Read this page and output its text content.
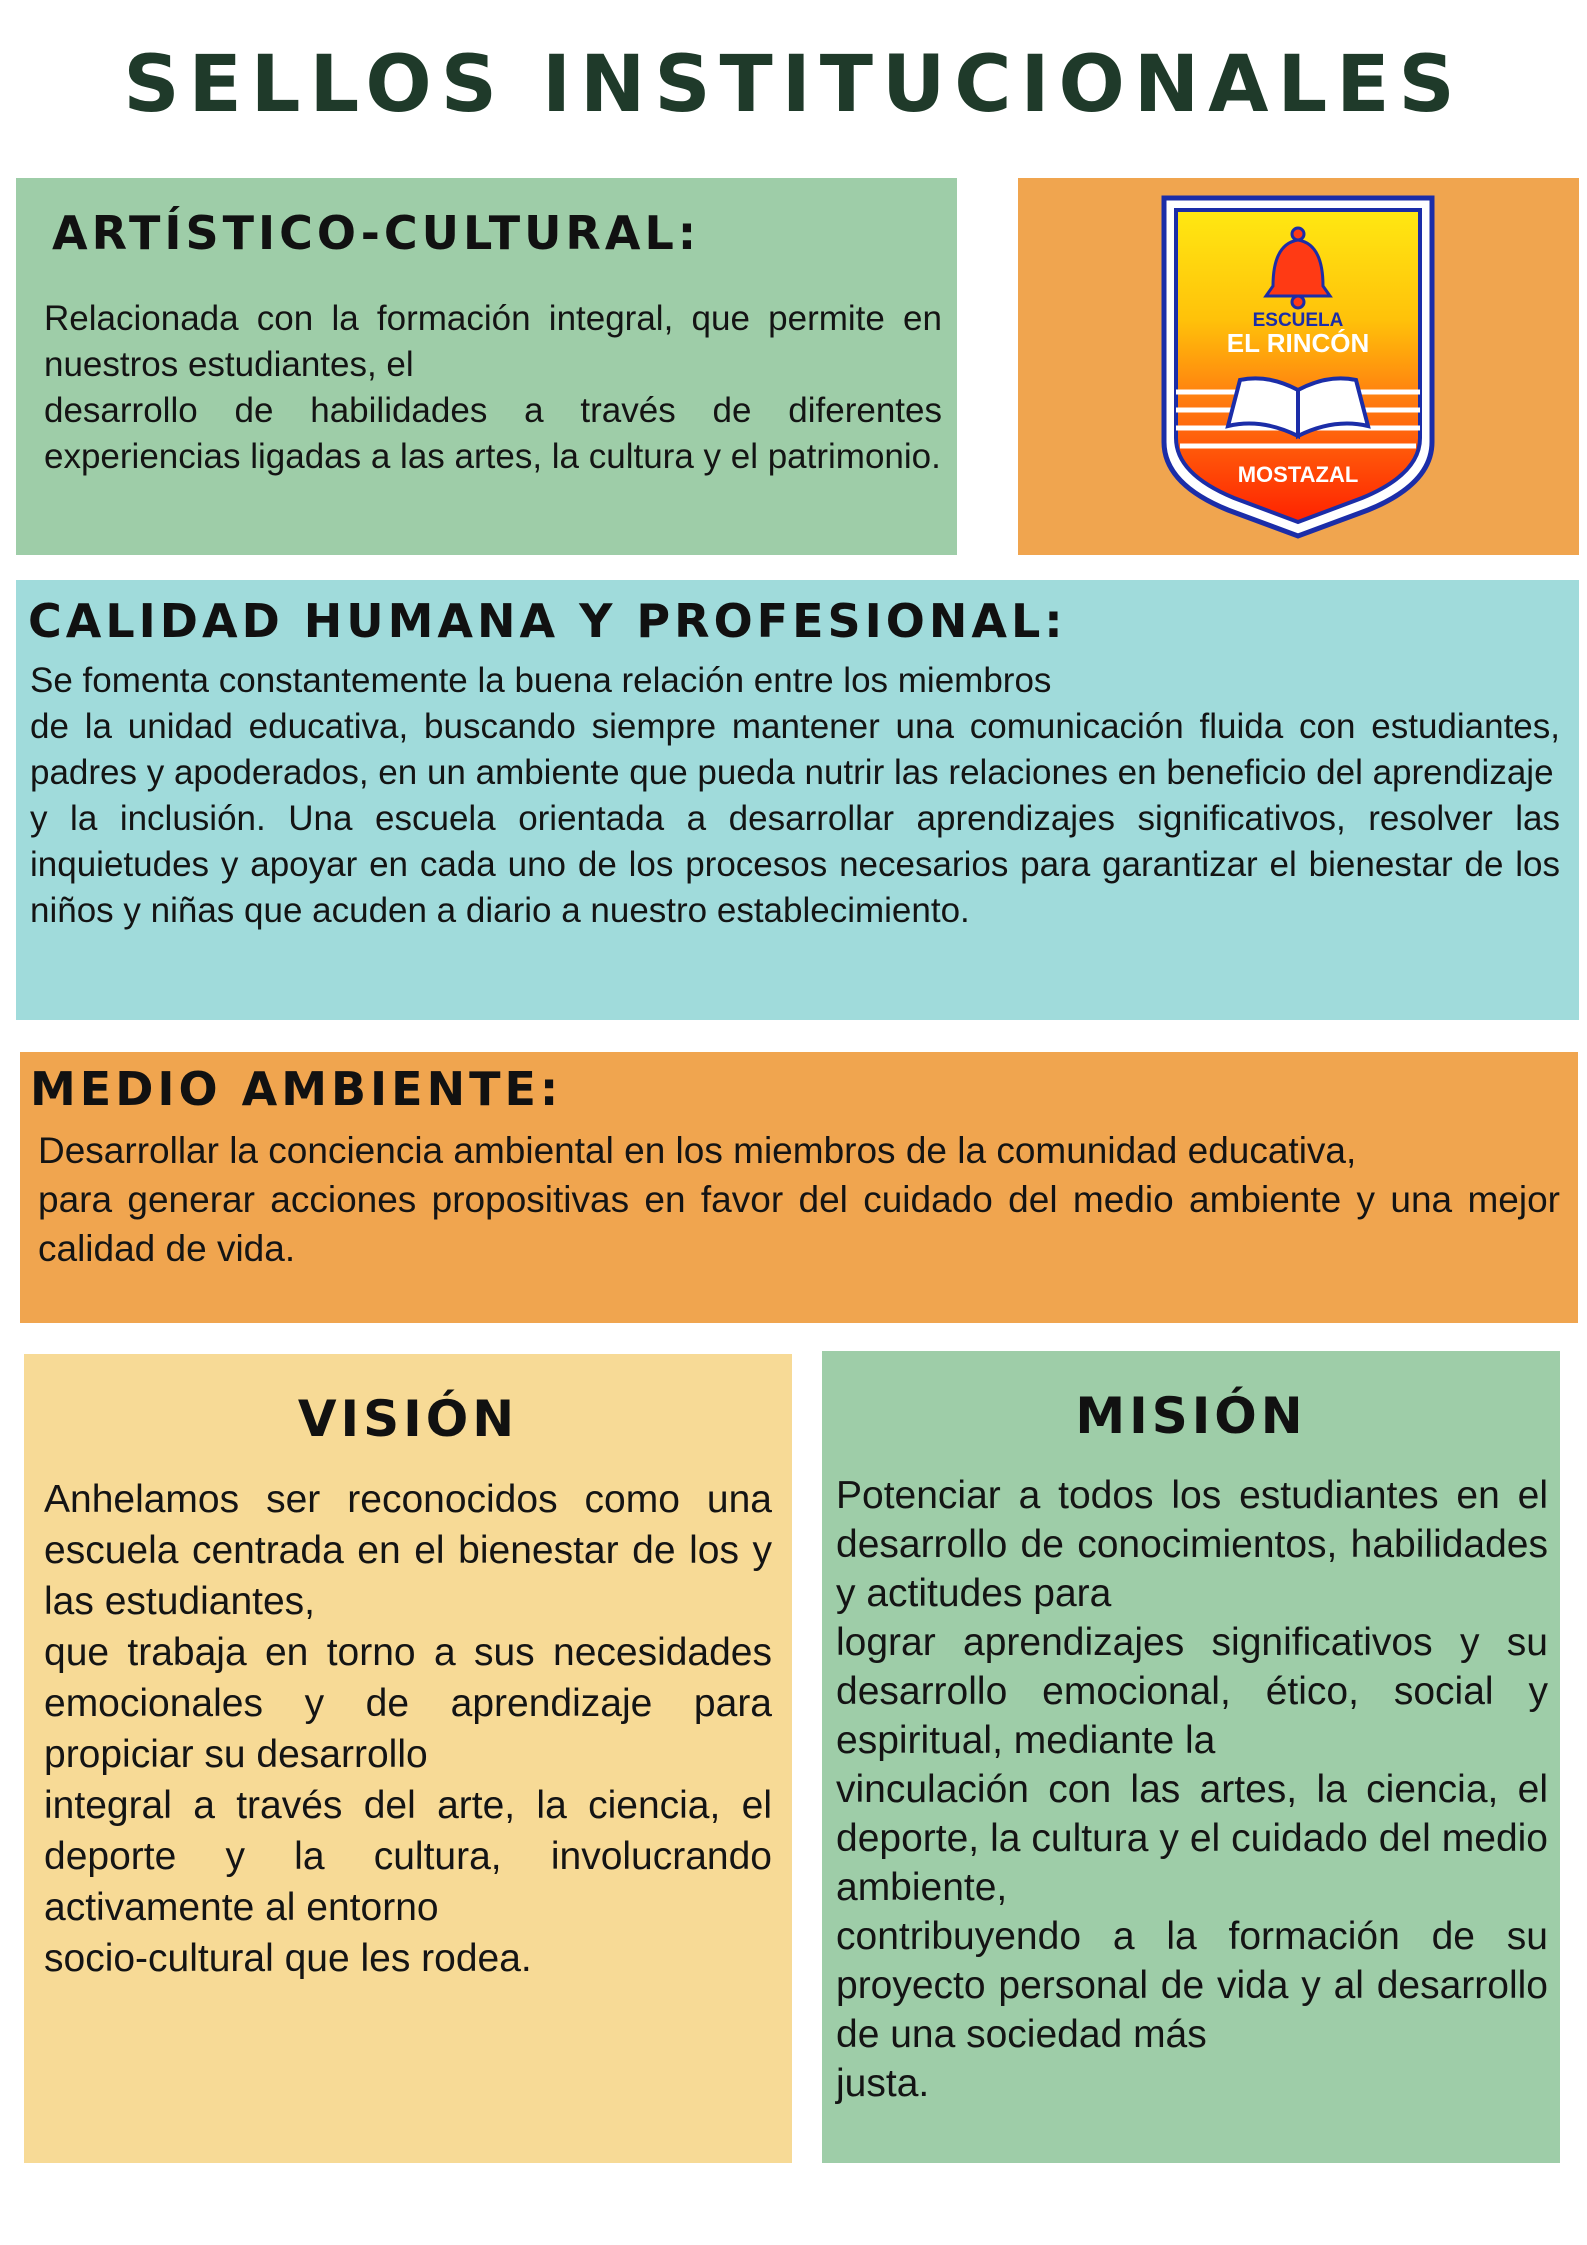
SELLOS INSTITUCIONALES
ARTÍSTICO-CULTURAL:

Relacionada con la formación integral, que permite en nuestros estudiantes, el
desarrollo de habilidades a través de diferentes experiencias ligadas a las artes, la cultura y el patrimonio.

ESCUELA
EL RINCÓN
MOSTAZAL
CALIDAD HUMANA Y PROFESIONAL:

Se fomenta constantemente la buena relación entre los miembros
de la unidad educativa, buscando siempre mantener una comunicación fluida con estudiantes, padres y apoderados, en un ambiente que pueda nutrir las relaciones en beneficio del aprendizaje
y la inclusión. Una escuela orientada a desarrollar aprendizajes significativos, resolver las inquietudes y apoyar en cada uno de los procesos necesarios para garantizar el bienestar de los niños y niñas que acuden a diario a nuestro establecimiento.

MEDIO AMBIENTE:

Desarrollar la conciencia ambiental en los miembros de la comunidad educativa,
para generar acciones propositivas en favor del cuidado del medio ambiente y una mejor calidad de vida.

VISIÓN

Anhelamos ser reconocidos como una escuela centrada en el bienestar de los y las estudiantes,
que trabaja en torno a sus necesidades emocionales y de aprendizaje para propiciar su desarrollo
integral a través del arte, la ciencia, el deporte y la cultura, involucrando activamente al entorno
socio-cultural que les rodea.

MISIÓN

Potenciar a todos los estudiantes en el desarrollo de conocimientos, habilidades y actitudes para
lograr aprendizajes significativos y su desarrollo emocional, ético, social y espiritual, mediante la
vinculación con las artes, la ciencia, el deporte, la cultura y el cuidado del medio ambiente,
contribuyendo a la formación de su proyecto personal de vida y al desarrollo de una sociedad más
justa.
